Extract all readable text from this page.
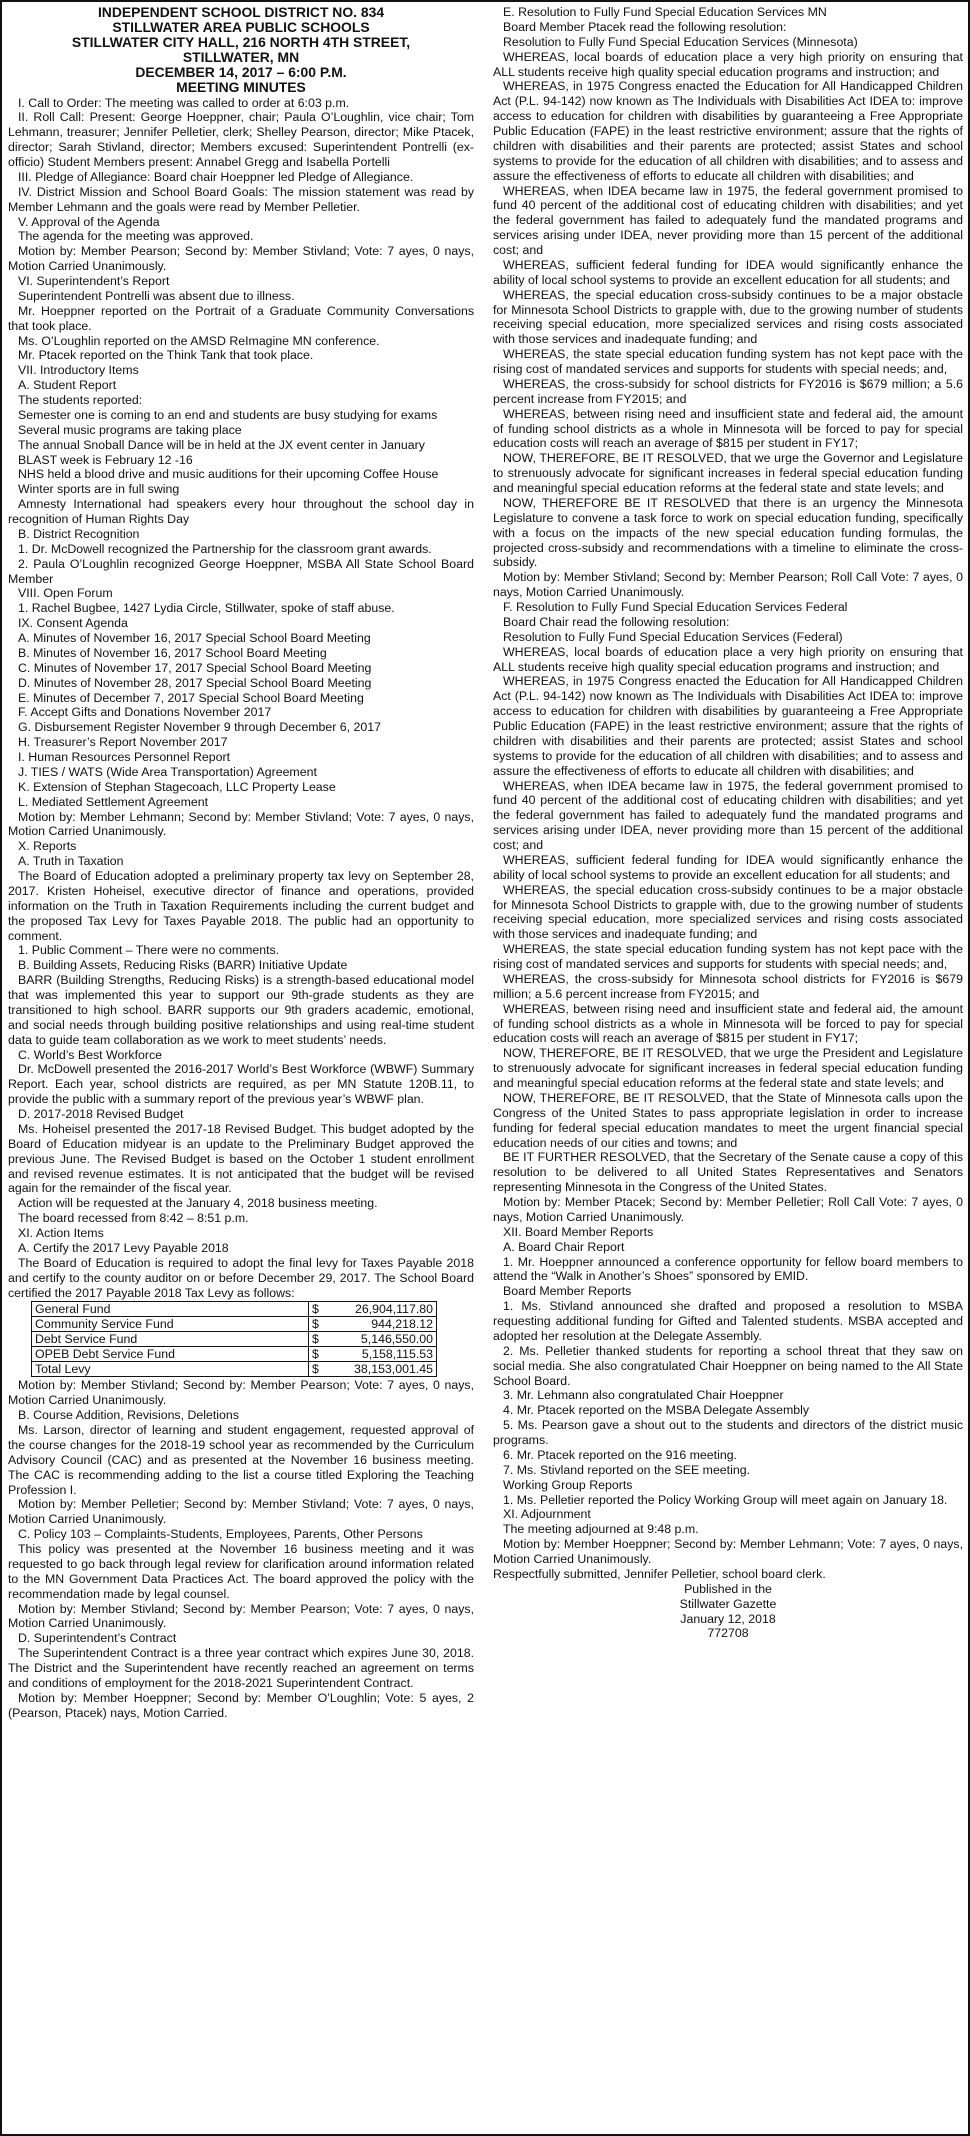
INDEPENDENT SCHOOL DISTRICT NO. 834
STILLWATER AREA PUBLIC SCHOOLS
STILLWATER CITY HALL, 216 NORTH 4TH STREET,
STILLWATER, MN
DECEMBER 14, 2017 – 6:00 P.M.
MEETING MINUTES

I. Call to Order: The meeting was called to order at 6:03 p.m.

II. Roll Call: Present: George Hoeppner, chair; Paula O’Loughlin, vice chair; Tom Lehmann, treasurer; Jennifer Pelletier, clerk; Shelley Pearson, director; Mike Ptacek, director; Sarah Stivland, director; Members excused: Superintendent Pontrelli (ex-officio) Student Members present: Annabel Gregg and Isabella Portelli

III. Pledge of Allegiance: Board chair Hoeppner led Pledge of Allegiance.

IV. District Mission and School Board Goals: The mission statement was read by Member Lehmann and the goals were read by Member Pelletier.

V. Approval of the Agenda

The agenda for the meeting was approved.

Motion by: Member Pearson; Second by: Member Stivland; Vote: 7 ayes, 0 nays, Motion Carried Unanimously.

VI. Superintendent’s Report

Superintendent Pontrelli was absent due to illness.

Mr. Hoeppner reported on the Portrait of a Graduate Community Conversations that took place.

Ms. O’Loughlin reported on the AMSD ReImagine MN conference.

Mr. Ptacek reported on the Think Tank that took place.

VII. Introductory Items

A. Student Report

The students reported:

Semester one is coming to an end and students are busy studying for exams

Several music programs are taking place

The annual Snoball Dance will be in held at the JX event center in January

BLAST week is February 12 -16

NHS held a blood drive and music auditions for their upcoming Coffee House

Winter sports are in full swing

Amnesty International had speakers every hour throughout the school day in recognition of Human Rights Day

B. District Recognition

1. Dr. McDowell recognized the Partnership for the classroom grant awards.

2. Paula O’Loughlin recognized George Hoeppner, MSBA All State School Board Member

VIII. Open Forum

1. Rachel Bugbee, 1427 Lydia Circle, Stillwater, spoke of staff abuse.

IX. Consent Agenda

A. Minutes of November 16, 2017 Special School Board Meeting

B. Minutes of November 16, 2017 School Board Meeting

C. Minutes of November 17, 2017 Special School Board Meeting

D. Minutes of November 28, 2017 Special School Board Meeting

E. Minutes of December 7, 2017 Special School Board Meeting

F. Accept Gifts and Donations November 2017

G. Disbursement Register November 9 through December 6, 2017

H. Treasurer’s Report November 2017

I. Human Resources Personnel Report

J. TIES / WATS (Wide Area Transportation) Agreement

K. Extension of Stephan Stagecoach, LLC Property Lease

L. Mediated Settlement Agreement

Motion by: Member Lehmann; Second by: Member Stivland; Vote: 7 ayes, 0 nays, Motion Carried Unanimously.

X. Reports

A. Truth in Taxation

The Board of Education adopted a preliminary property tax levy on September 28, 2017. Kristen Hoheisel, executive director of finance and operations, provided information on the Truth in Taxation Requirements including the current budget and the proposed Tax Levy for Taxes Payable 2018. The public had an opportunity to comment.

1. Public Comment – There were no comments.

B. Building Assets, Reducing Risks (BARR) Initiative Update

BARR (Building Strengths, Reducing Risks) is a strength-based educational model that was implemented this year to support our 9th-grade students as they are transitioned to high school. BARR supports our 9th graders academic, emotional, and social needs through building positive relationships and using real-time student data to guide team collaboration as we work to meet students’ needs.

C. World’s Best Workforce

Dr. McDowell presented the 2016-2017 World’s Best Workforce (WBWF) Summary Report. Each year, school districts are required, as per MN Statute 120B.11, to provide the public with a summary report of the previous year’s WBWF plan.

D. 2017-2018 Revised Budget

Ms. Hoheisel presented the 2017-18 Revised Budget. This budget adopted by the Board of Education midyear is an update to the Preliminary Budget approved the previous June. The Revised Budget is based on the October 1 student enrollment and revised revenue estimates. It is not anticipated that the budget will be revised again for the remainder of the fiscal year.

Action will be requested at the January 4, 2018 business meeting.

The board recessed from 8:42 – 8:51 p.m.

XI. Action Items

A. Certify the 2017 Levy Payable 2018

The Board of Education is required to adopt the final levy for Taxes Payable 2018 and certify to the county auditor on or before December 29, 2017. The School Board certified the 2017 Payable 2018 Tax Levy as follows:

General Fund	$ 26,904,117.80

Community Service Fund	$ 944,218.12

Debt Service Fund	$ 5,146,550.00

OPEB Debt Service Fund	$ 5,158,115.53

Total Levy	$ 38,153,001.45

Motion by: Member Stivland; Second by: Member Pearson; Vote: 7 ayes, 0 nays, Motion Carried Unanimously.

B. Course Addition, Revisions, Deletions

Ms. Larson, director of learning and student engagement, requested approval of the course changes for the 2018-19 school year as recommended by the Curriculum Advisory Council (CAC) and as presented at the November 16 business meeting. The CAC is recommending adding to the list a course titled Exploring the Teaching Profession I.

Motion by: Member Pelletier; Second by: Member Stivland; Vote: 7 ayes, 0 nays, Motion Carried Unanimously.

C. Policy 103 – Complaints-Students, Employees, Parents, Other Persons

This policy was presented at the November 16 business meeting and it was requested to go back through legal review for clarification around information related to the MN Government Data Practices Act. The board approved the policy with the recommendation made by legal counsel.

Motion by: Member Stivland; Second by: Member Pearson; Vote: 7 ayes, 0 nays, Motion Carried Unanimously.

D. Superintendent’s Contract

The Superintendent Contract is a three year contract which expires June 30, 2018. The District and the Superintendent have recently reached an agreement on terms and conditions of employment for the 2018-2021 Superintendent Contract.

Motion by: Member Hoeppner; Second by: Member O’Loughlin; Vote: 5 ayes, 2 (Pearson, Ptacek) nays, Motion Carried.

E. Resolution to Fully Fund Special Education Services MN

Board Member Ptacek read the following resolution:

Resolution to Fully Fund Special Education Services (Minnesota)

WHEREAS, local boards of education place a very high priority on ensuring that ALL students receive high quality special education programs and instruction; and

WHEREAS, in 1975 Congress enacted the Education for All Handicapped Children Act (P.L. 94-142) now known as The Individuals with Disabilities Act IDEA to: improve access to education for children with disabilities by guaranteeing a Free Appropriate Public Education (FAPE) in the least restrictive environment; assure that the rights of children with disabilities and their parents are protected; assist States and school systems to provide for the education of all children with disabilities; and to assess and assure the effectiveness of efforts to educate all children with disabilities; and

WHEREAS, when IDEA became law in 1975, the federal government promised to fund 40 percent of the additional cost of educating children with disabilities; and yet the federal government has failed to adequately fund the mandated programs and services arising under IDEA, never providing more than 15 percent of the additional cost; and

WHEREAS, sufficient federal funding for IDEA would significantly enhance the ability of local school systems to provide an excellent education for all students; and

WHEREAS, the special education cross-subsidy continues to be a major obstacle for Minnesota School Districts to grapple with, due to the growing number of students receiving special education, more specialized services and rising costs associated with those services and inadequate funding; and

WHEREAS, the state special education funding system has not kept pace with the rising cost of mandated services and supports for students with special needs; and,

WHEREAS, the cross-subsidy for school districts for FY2016 is $679 million; a 5.6 percent increase from FY2015; and

WHEREAS, between rising need and insufficient state and federal aid, the amount of funding school districts as a whole in Minnesota will be forced to pay for special education costs will reach an average of $815 per student in FY17;

NOW, THEREFORE, BE IT RESOLVED, that we urge the Governor and Legislature to strenuously advocate for significant increases in federal special education funding and meaningful special education reforms at the federal state and state levels; and

NOW, THEREFORE BE IT RESOLVED that there is an urgency the Minnesota Legislature to convene a task force to work on special education funding, specifically with a focus on the impacts of the new special education funding formulas, the projected cross-subsidy and recommendations with a timeline to eliminate the cross-subsidy.

Motion by: Member Stivland; Second by: Member Pearson; Roll Call Vote: 7 ayes, 0 nays, Motion Carried Unanimously.

F. Resolution to Fully Fund Special Education Services Federal

Board Chair read the following resolution:

Resolution to Fully Fund Special Education Services (Federal)

WHEREAS, local boards of education place a very high priority on ensuring that ALL students receive high quality special education programs and instruction; and

WHEREAS, in 1975 Congress enacted the Education for All Handicapped Children Act (P.L. 94-142) now known as The Individuals with Disabilities Act IDEA to: improve access to education for children with disabilities by guaranteeing a Free Appropriate Public Education (FAPE) in the least restrictive environment; assure that the rights of children with disabilities and their parents are protected; assist States and school systems to provide for the education of all children with disabilities; and to assess and assure the effectiveness of efforts to educate all children with disabilities; and

WHEREAS, when IDEA became law in 1975, the federal government promised to fund 40 percent of the additional cost of educating children with disabilities; and yet the federal government has failed to adequately fund the mandated programs and services arising under IDEA, never providing more than 15 percent of the additional cost; and

WHEREAS, sufficient federal funding for IDEA would significantly enhance the ability of local school systems to provide an excellent education for all students; and

WHEREAS, the special education cross-subsidy continues to be a major obstacle for Minnesota School Districts to grapple with, due to the growing number of students receiving special education, more specialized services and rising costs associated with those services and inadequate funding; and

WHEREAS, the state special education funding system has not kept pace with the rising cost of mandated services and supports for students with special needs; and,

WHEREAS, the cross-subsidy for Minnesota school districts for FY2016 is $679 million; a 5.6 percent increase from FY2015; and

WHEREAS, between rising need and insufficient state and federal aid, the amount of funding school districts as a whole in Minnesota will be forced to pay for special education costs will reach an average of $815 per student in FY17;

NOW, THEREFORE, BE IT RESOLVED, that we urge the President and Legislature to strenuously advocate for significant increases in federal special education funding and meaningful special education reforms at the federal state and state levels; and

NOW, THEREFORE, BE IT RESOLVED, that the State of Minnesota calls upon the Congress of the United States to pass appropriate legislation in order to increase funding for federal special education mandates to meet the urgent financial special education needs of our cities and towns; and

BE IT FURTHER RESOLVED, that the Secretary of the Senate cause a copy of this resolution to be delivered to all United States Representatives and Senators representing Minnesota in the Congress of the United States.

Motion by: Member Ptacek; Second by: Member Pelletier; Roll Call Vote: 7 ayes, 0 nays, Motion Carried Unanimously.

XII. Board Member Reports

A. Board Chair Report

1. Mr. Hoeppner announced a conference opportunity for fellow board members to attend the “Walk in Another’s Shoes” sponsored by EMID.

Board Member Reports

1. Ms. Stivland announced she drafted and proposed a resolution to MSBA requesting additional funding for Gifted and Talented students. MSBA accepted and adopted her resolution at the Delegate Assembly.

2. Ms. Pelletier thanked students for reporting a school threat that they saw on social media. She also congratulated Chair Hoeppner on being named to the All State School Board.

3. Mr. Lehmann also congratulated Chair Hoeppner

4. Mr. Ptacek reported on the MSBA Delegate Assembly

5. Ms. Pearson gave a shout out to the students and directors of the district music programs.

6. Mr. Ptacek reported on the 916 meeting.

7. Ms. Stivland reported on the SEE meeting.

Working Group Reports

1. Ms. Pelletier reported the Policy Working Group will meet again on January 18.

XI. Adjournment

The meeting adjourned at 9:48 p.m.

Motion by: Member Hoeppner; Second by: Member Lehmann; Vote: 7 ayes, 0 nays, Motion Carried Unanimously.

Respectfully submitted, Jennifer Pelletier, school board clerk.

Published in the

Stillwater Gazette

January 12, 2018

772708
